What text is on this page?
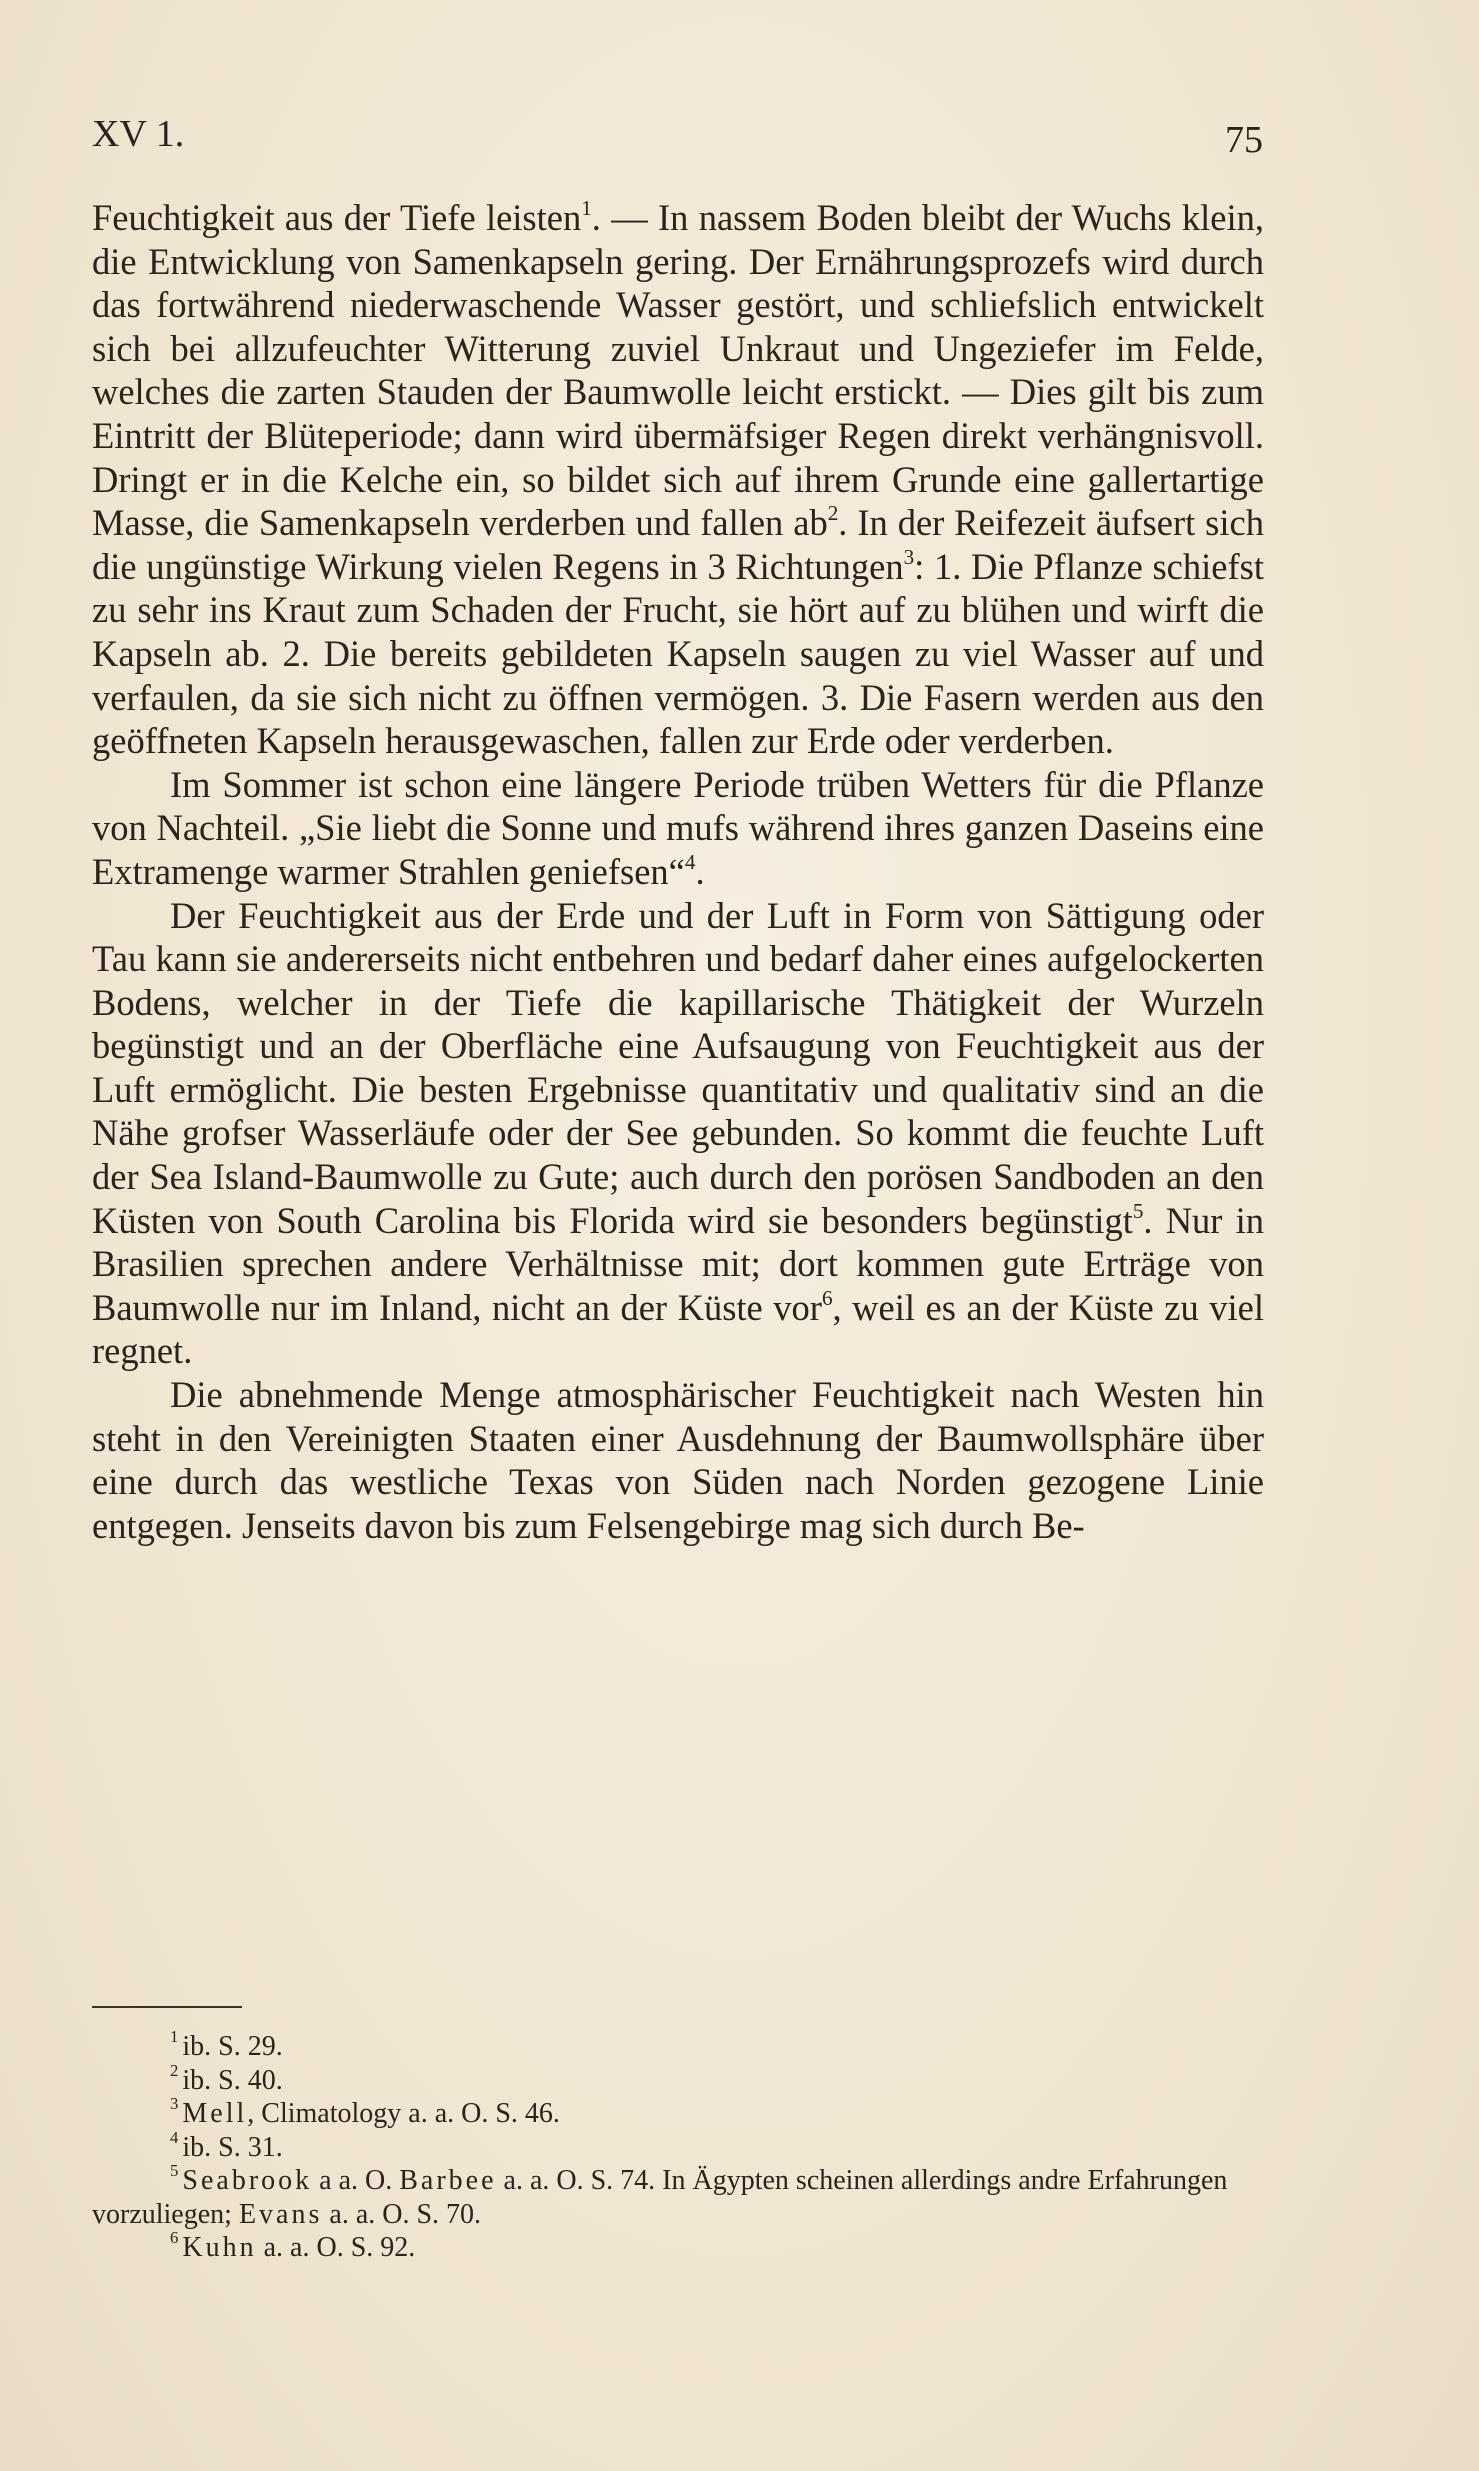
XV 1.	75

Feuchtigkeit aus der Tiefe leisten$^1$. — In nassem Boden bleibt der Wuchs klein, die Entwicklung von Samenkapseln gering. Der Ernährungsprozefs wird durch das fortwährend niederwaschende Wasser gestört, und schliefslich entwickelt sich bei allzufeuchter Witterung zuviel Unkraut und Ungeziefer im Felde, welches die zarten Stauden der Baumwolle leicht erstickt. — Dies gilt bis zum Eintritt der Blüteperiode; dann wird übermäfsiger Regen direkt verhängnisvoll. Dringt er in die Kelche ein, so bildet sich auf ihrem Grunde eine gallertartige Masse, die Samenkapseln verderben und fallen $ab^2$. In der Reifezeit äufsert sich die ungünstige Wirkung vielen Regens in 3 Richtungen$^3$: 1. Die Pflanze schiefst zu sehr ins Kraut zum Schaden der Frucht, sie hört auf zu blühen und wirft die Kapseln ab. 2. Die bereits gebildeten Kapseln saugen zu viel Wasser auf und verfaulen, da sie sich nicht zu öffnen vermögen. 3. Die Fasern werden aus den geöffneten Kapseln herausgewaschen, fallen zur Erde oder verderben.

Im Sommer ist schon eine längere Periode trüben Wetters für die Pflanze von Nachteil. „Sie liebt die Sonne und mufs während ihres ganzen Daseins eine Extramenge warmer Strahlen geniefsen“$^4$.

Der Feuchtigkeit aus der Erde und der Luft in Form von Sättigung oder Tau kann sie andererseits nicht entbehren und bedarf daher eines aufgelockerten Bodens, welcher in der Tiefe die kapillarische Thätigkeit der Wurzeln begünstigt und an der Oberfläche eine Aufsaugung von Feuchtigkeit aus der Luft ermöglicht. Die besten Ergebnisse quantitativ und qualitativ sind an die Nähe grofser Wasserläufe oder der See gebunden. So kommt die feuchte Luft der Sea Island-Baumwolle zu Gute; auch durch den porösen Sandboden an den Küsten von South Carolina bis Florida wird sie besonders begünstigt$^5$. Nur in Brasilien sprechen andere Verhältnisse mit; dort kommen gute Erträge von Baumwolle nur im Inland, nicht an der Küste vor$^6$, weil es an der Küste zu viel regnet.

Die abnehmende Menge atmosphärischer Feuchtigkeit nach Westen hin steht in den Vereinigten Staaten einer Ausdehnung der Baumwollsphäre über eine durch das westliche Texas von Süden nach Norden gezogene Linie entgegen. Jenseits davon bis zum Felsengebirge mag sich durch Be-

$^1$ ib. S. 29.

$^2$ ib. S. 40.

$^3$ Mell, Climatology a. a. O. S. 46.

$^4$ ib. S. 31.

$^5$ Seabrook a a. O. Barbee a. a. O. S. 74. In Ägypten scheinen allerdings andre Erfahrungen vorzuliegen; Evans a. a. O. S. 70.

$^6$ Kuhn a. a. O. S. 92.
